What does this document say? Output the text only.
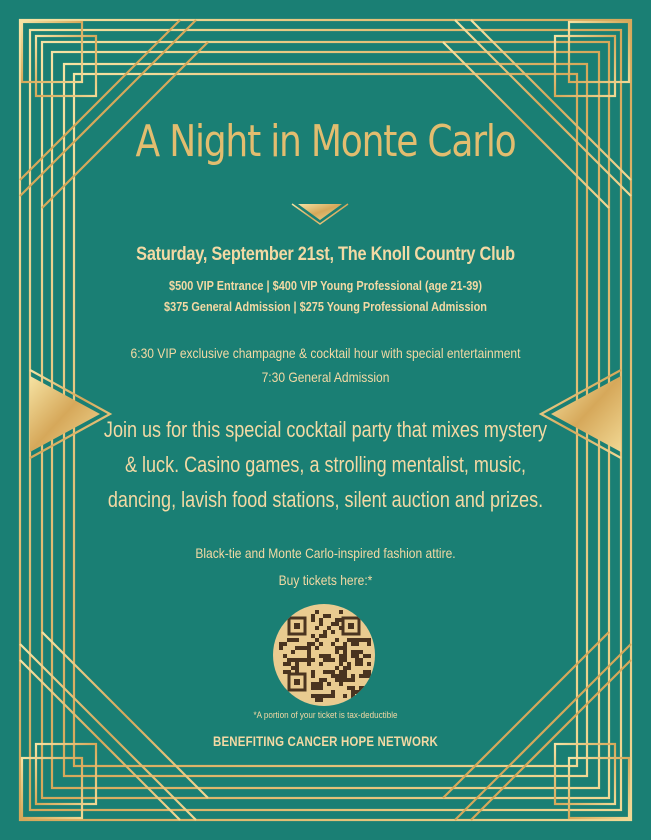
A Night in Monte Carlo
Saturday, September 21st, The Knoll Country Club
$500 VIP Entrance | $400 VIP Young Professional (age 21-39)
$375 General Admission | $275 Young Professional Admission
6:30 VIP exclusive champagne & cocktail hour with special entertainment
7:30 General Admission
Join us for this special cocktail party that mixes mystery
& luck. Casino games, a strolling mentalist, music,
dancing, lavish food stations, silent auction and prizes.
Black-tie and Monte Carlo-inspired fashion attire.
Buy tickets here:*
*A portion of your ticket is tax-deductible
BENEFITING CANCER HOPE NETWORK
